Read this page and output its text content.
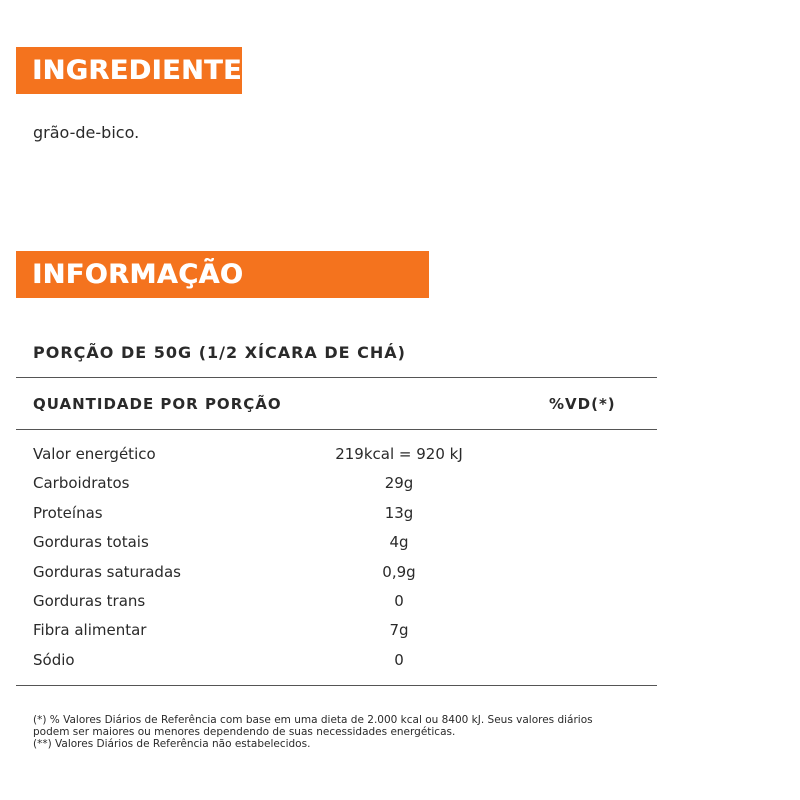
INGREDIENTES
grão-de-bico.
INFORMAÇÃO NUTRICIONAL
PORÇÃO DE 50G (1/2 XÍCARA DE CHÁ)
QUANTIDADE POR PORÇÃO	%VD(*)
Valor energético	219kcal = 920 kJ
Carboidratos	29g
Proteínas	13g
Gorduras totais	4g
Gorduras saturadas	0,9g
Gorduras trans	0
Fibra alimentar	7g
Sódio	0
(*) % Valores Diários de Referência com base em uma dieta de 2.000 kcal ou 8400 kJ. Seus valores diários
podem ser maiores ou menores dependendo de suas necessidades energéticas.
(**) Valores Diários de Referência não estabelecidos.
